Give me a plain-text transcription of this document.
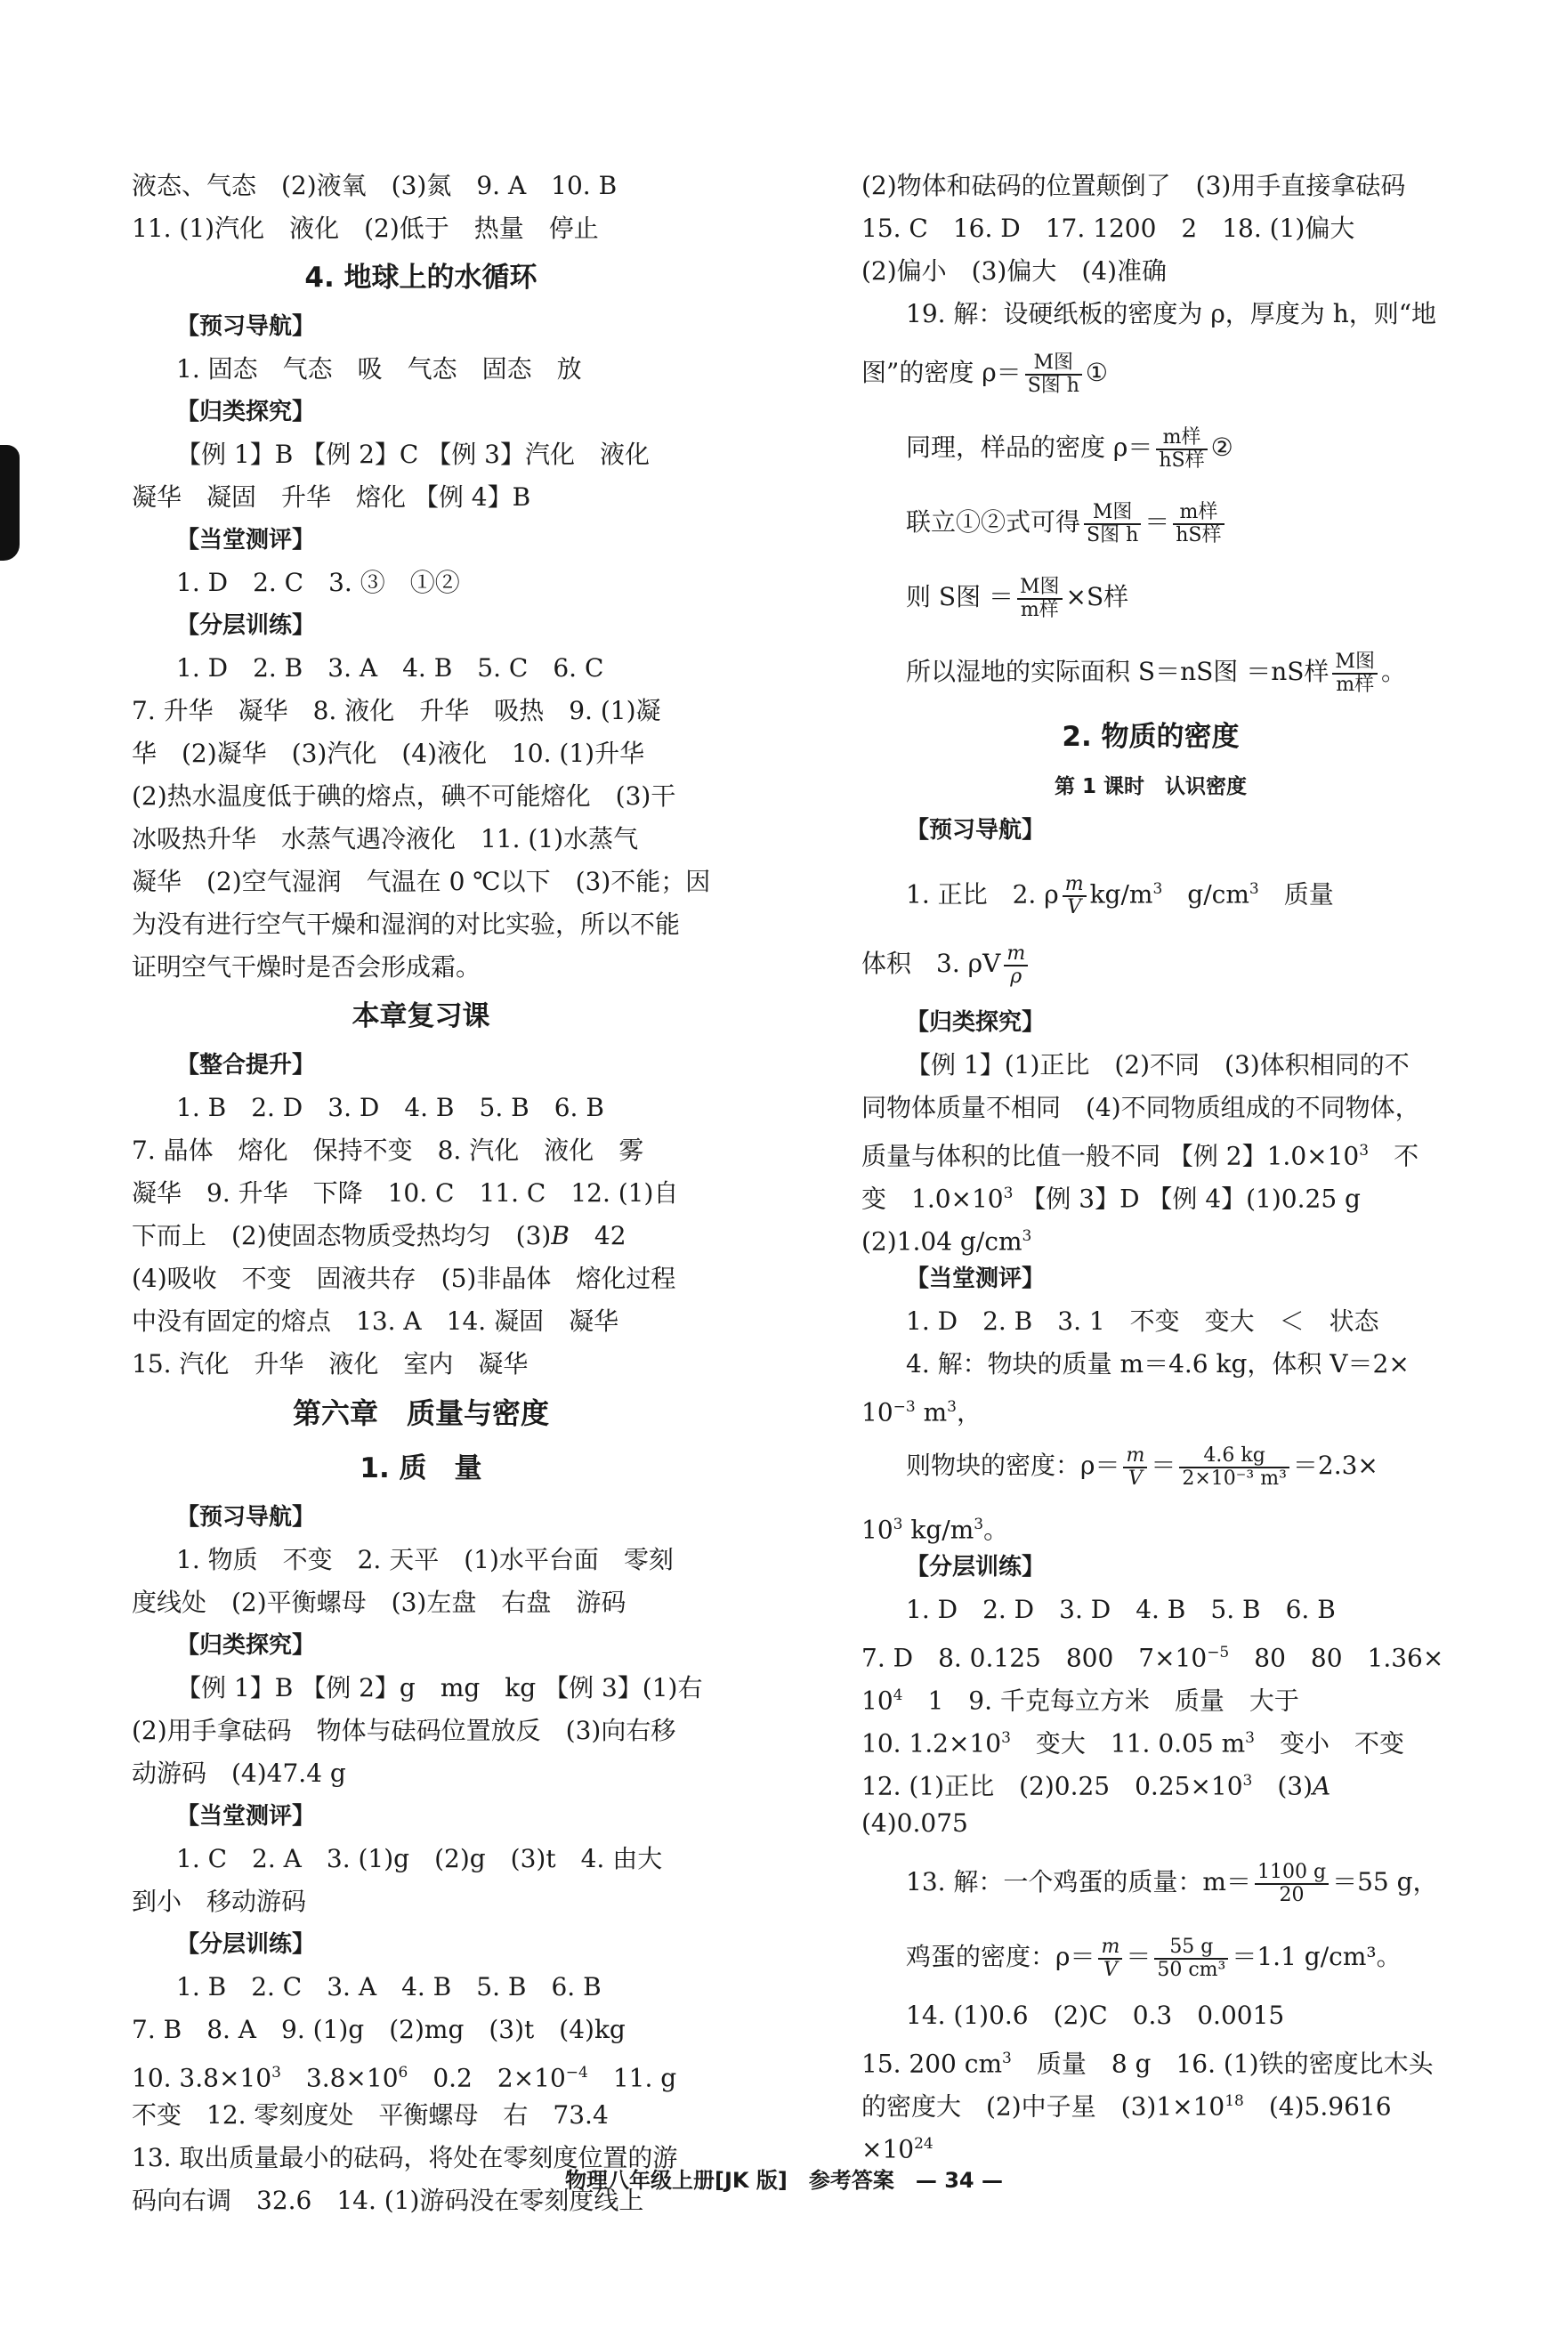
液态、气态　(2)液氧　(3)氮　9. A　10. B
11. (1)汽化　液化　(2)低于　热量　停止
4. 地球上的水循环
【预习导航】
1. 固态　气态　吸　气态　固态　放
【归类探究】
【例 1】B 【例 2】C 【例 3】汽化　液化
凝华　凝固　升华　熔化 【例 4】B
【当堂测评】
1. D　2. C　3. ③　①②
【分层训练】
1. D　2. B　3. A　4. B　5. C　6. C
7. 升华　凝华　8. 液化　升华　吸热　9. (1)凝
华　(2)凝华　(3)汽化　(4)液化　10. (1)升华
(2)热水温度低于碘的熔点，碘不可能熔化　(3)干
冰吸热升华　水蒸气遇冷液化　11. (1)水蒸气
凝华　(2)空气湿润　气温在 0 ℃以下　(3)不能；因
为没有进行空气干燥和湿润的对比实验，所以不能
证明空气干燥时是否会形成霜。
本章复习课
【整合提升】
1. B　2. D　3. D　4. B　5. B　6. B
7. 晶体　熔化　保持不变　8. 汽化　液化　雾
凝华　9. 升华　下降　10. C　11. C　12. (1)自
下而上　(2)使固态物质受热均匀　(3)B　42
(4)吸收　不变　固液共存　(5)非晶体　熔化过程
中没有固定的熔点　13. A　14. 凝固　凝华
15. 汽化　升华　液化　室内　凝华
第六章　质量与密度
1. 质　量
【预习导航】
1. 物质　不变　2. 天平　(1)水平台面　零刻
度线处　(2)平衡螺母　(3)左盘　右盘　游码
【归类探究】
【例 1】B 【例 2】g　mg　kg 【例 3】(1)右
(2)用手拿砝码　物体与砝码位置放反　(3)向右移
动游码　(4)47.4 g
【当堂测评】
1. C　2. A　3. (1)g　(2)g　(3)t　4. 由大
到小　移动游码
【分层训练】
1. B　2. C　3. A　4. B　5. B　6. B
7. B　8. A　9. (1)g　(2)mg　(3)t　(4)kg
10. $3.8\times 10^3$　$3.8\times 10^6$　0.2　$2\times 10^{-4}$　11. g
不变　12. 零刻度处　平衡螺母　右　73.4
13. 取出质量最小的砝码，将处在零刻度位置的游
码向右调　32.6　14. (1)游码没在零刻度线上
(2)物体和砝码的位置颠倒了　(3)用手直接拿砝码
15. C　16. D　17. 1200　2　18. (1)偏大
(2)偏小　(3)偏大　(4)准确
19. 解：设硬纸板的密度为 ρ，厚度为 h，则“地
图”的密度 $\rho= \frac{\text{M图}}{\text{S图 h}}$ ①
同理，样品的密度 $\rho= \frac{\text{m样}}{\text{hS样}}$ ②
联立①②式可得 $\frac{\text{M图}}{\text{S图 h}} = \frac{\text{m样}}{\text{hS样}}$
则 S图 ＝ $\frac{\text{M图}}{\text{m样}} \times S$样
所以湿地的实际面积 S＝nS图 ＝nS样 $\frac{\text{M图}}{\text{m样}}$ 。
2. 物质的密度
第 1 课时　认识密度
【预习导航】
1. 正比　2. ρ $\frac{m}{V} kg/m^3$　$g/cm^3$　质量
体积　3. ρV $\frac{m}{\rho}$
【归类探究】
【例 1】(1)正比　(2)不同　(3)体积相同的不
同物体质量不相同　(4)不同物质组成的不同物体，
质量与体积的比值一般不同 【例 2】$1.0\times 10^3$　不
变　$1.0\times 10^3$ 【例 3】D 【例 4】(1)0.25 g
(2)1.04 $g/cm^3$
【当堂测评】
1. D　2. B　3. 1　不变　变大　＜　状态
4. 解：物块的质量 m＝4.6 kg，体积 V＝2×
$10^{-3}$ $m^3$，
则物块的密度：$\rho= \frac{m}{V} = \frac{4.6 kg}{\text{2×10⁻³ m³}} =2.3\times$
$10^3$ $kg/m^3$。
【分层训练】
1. D　2. D　3. D　4. B　5. B　6. B
7. D　8. 0.125　800　$7\times 10^{-5}$　80　80　1.36×
$10^4$　1　9. 千克每立方米　质量　大于
10. $1.2\times 10^3$　变大　11. 0.05 $m^3$　变小　不变
12. (1)正比　(2)0.25　$0.25\times 10^3$　(3)A
(4)0.075
13. 解：一个鸡蛋的质量：$m= \frac{1100 g}{20} =55$ g，
鸡蛋的密度：$\rho= \frac{m}{V} = \frac{55 g}{\text{50 cm³}} =1.1$ g/cm³。
14. (1)0.6　(2)C　0.3　0.0015
15. 200 $cm^3$　质量　8 g　16. (1)铁的密度比木头
的密度大　(2)中子星　$(3)1\times 10^{18}$　(4)5.9616
$\times 10^{24}$
物理八年级上册[JK 版]　参考答案　— 34 —
